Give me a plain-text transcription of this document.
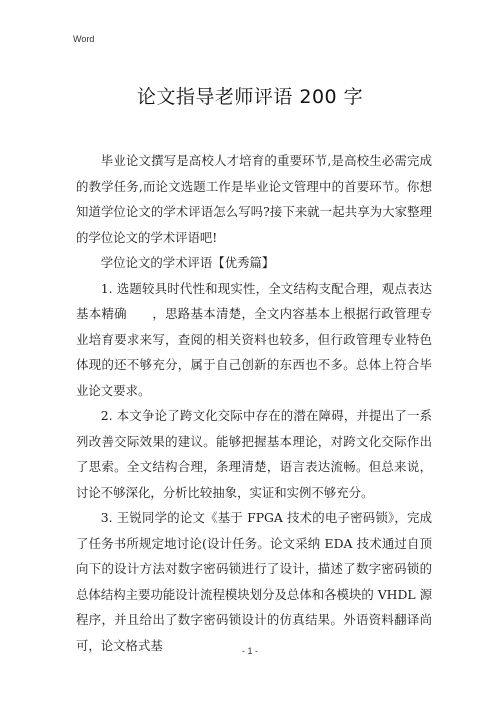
Word
论文指导老师评语 200 字

毕业论文撰写是高校人才培育的重要环节,是高校生必需完成的教学任务,而论文选题工作是毕业论文管理中的首要环节。你想知道学位论文的学术评语怎么写吗?接下来就一起共享为大家整理的学位论文的学术评语吧!

学位论文的学术评语【优秀篇】

1. 选题较具时代性和现实性，全文结构支配合理，观点表达基本精确　　，思路基本清楚，全文内容基本上根据行政管理专业培育要求来写，查阅的相关资料也较多，但行政管理专业特色体现的还不够充分，属于自己创新的东西也不多。总体上符合毕业论文要求。

2. 本文争论了跨文化交际中存在的潜在障碍，并提出了一系列改善交际效果的建议。能够把握基本理论，对跨文化交际作出了思索。全文结构合理，条理清楚，语言表达流畅。但总来说，讨论不够深化，分析比较抽象，实证和实例不够充分。

3. 王锐同学的论文《基于 FPGA 技术的电子密码锁》，完成了任务书所规定地讨论(设计任务。论文采纳 EDA 技术通过自顶向下的设计方法对数字密码锁进行了设计，描述了数字密码锁的总体结构主要功能设计流程模块划分及总体和各模块的 VHDL 源程序，并且给出了数字密码锁设计的仿真结果。外语资料翻译尚可，论文格式基	- 1 -
